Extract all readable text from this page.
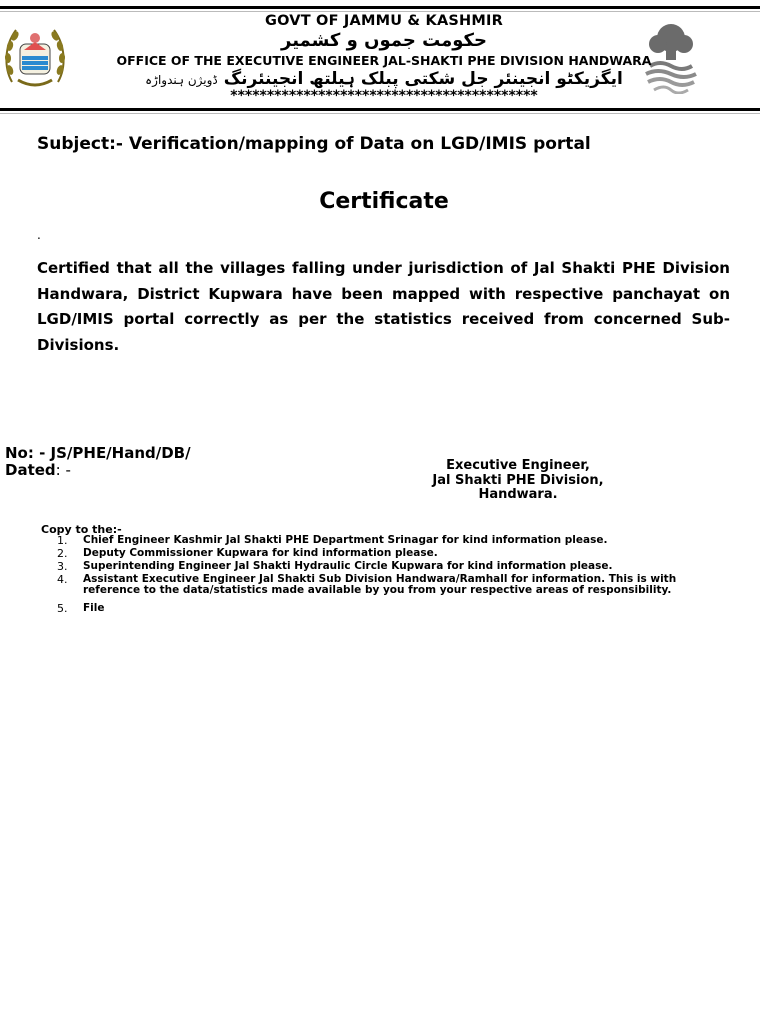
GOVT OF JAMMU & KASHMIR
حکومت جموں و کشمیر
OFFICE OF THE EXECUTIVE ENGINEER JAL-SHAKTI PHE DIVISION HANDWARA
ایگزیکٹو انجینئر جل شکتی پبلک ہیلتھ انجینئرنگ ڈویژن ہندواڑہ
******************************************
Subject:- Verification/mapping of Data on LGD/IMIS portal
Certificate
.
Certified that all the villages falling under jurisdiction of Jal Shakti PHE Division Handwara, District Kupwara have been mapped with respective panchayat on LGD/IMIS portal correctly as per the statistics received from concerned Sub-Divisions.
No: - JS/PHE/Hand/DB/
Dated: -	Executive Engineer,
Jal Shakti PHE Division,
Handwara.
Copy to the:-
1. Chief Engineer Kashmir Jal Shakti PHE Department Srinagar for kind information please.
2. Deputy Commissioner Kupwara for kind information please.
3. Superintending Engineer Jal Shakti Hydraulic Circle Kupwara for kind information please.
4. Assistant Executive Engineer Jal Shakti Sub Division Handwara/Ramhall for information. This is with reference to the data/statistics made available by you from your respective areas of responsibility.
5. File
